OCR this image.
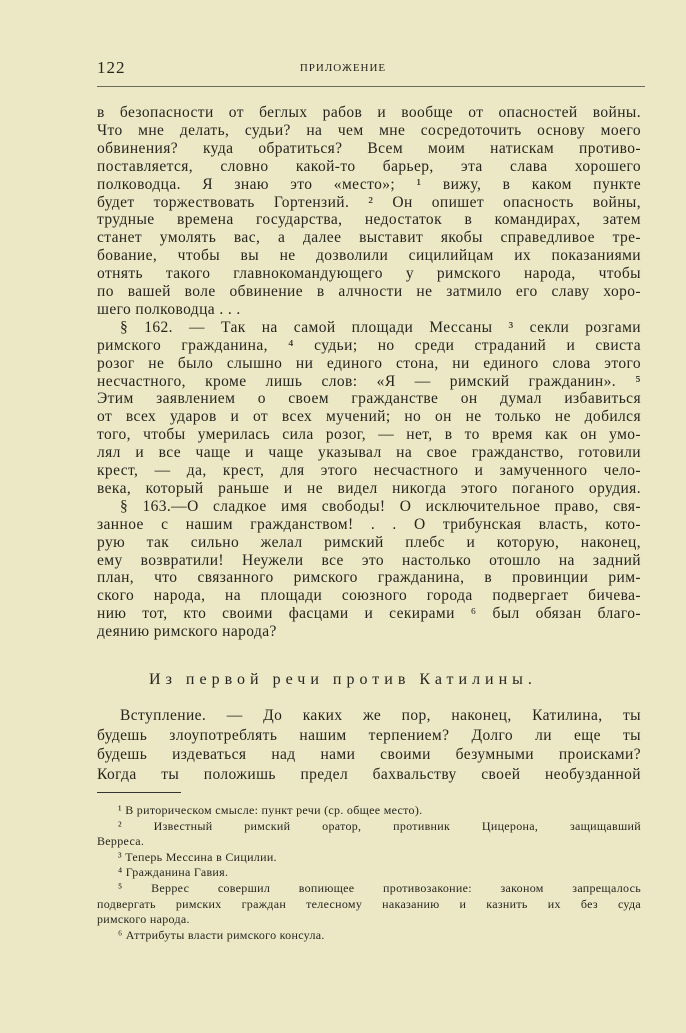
122	ПРИЛОЖЕНИЕ
в безопасности от беглых рабов и вообще от опасностей войны.
Что мне делать, судьи? на чем мне сосредоточить основу моего
обвинения? куда обратиться? Всем моим натискам противо-
поставляется, словно какой-то барьер, эта слава хорошего
полководца. Я знаю это «место»; ¹ вижу, в каком пункте
будет торжествовать Гортензий. ² Он опишет опасность войны,
трудные времена государства, недостаток в командирах, затем
станет умолять вас, а далее выставит якобы справедливое тре-
бование, чтобы вы не дозволили сицилийцам их показаниями
отнять такого главнокомандующего у римского народа, чтобы
по вашей воле обвинение в алчности не затмило его славу хоро-
шего полководца . . .
§ 162. — Так на самой площади Мессаны ³ секли розгами
римского гражданина, ⁴ судьи; но среди страданий и свиста
розог не было слышно ни единого стона, ни единого слова этого
несчастного, кроме лишь слов: «Я — римский гражданин». ⁵
Этим заявлением о своем гражданстве он думал избавиться
от всех ударов и от всех мучений; но он не только не добился
того, чтобы умерилась сила розог, — нет, в то время как он умо-
лял и все чаще и чаще указывал на свое гражданство, готовили
крест, — да, крест, для этого несчастного и замученного чело-
века, который раньше и не видел никогда этого поганого орудия.
§ 163.—О сладкое имя свободы! О исключительное право, свя-
занное с нашим гражданством! . . О трибунская власть, кото-
рую так сильно желал римский плебс и которую, наконец,
ему возвратили! Неужели все это настолько отошло на задний
план, что связанного римского гражданина, в провинции рим-
ского народа, на площади союзного города подвергает бичева-
нию тот, кто своими фасцами и секирами ⁶ был обязан благо-
деянию римского народа?
Из первой речи против Катилины.
Вступление. — До каких же пор, наконец, Катилина, ты
будешь злоупотреблять нашим терпением? Долго ли еще ты
будешь издеваться над нами своими безумными происками?
Когда ты положишь предел бахвальству своей необузданной
¹ В риторическом смысле: пункт речи (ср. общее место).
² Известный римский оратор, противник Цицерона, защищавший
Верреса.
³ Теперь Мессина в Сицилии.
⁴ Гражданина Гавия.
⁵ Веррес совершил вопиющее противозаконие: законом запрещалось
подвергать римских граждан телесному наказанию и казнить их без суда
римского народа.
⁶ Аттрибуты власти римского консула.
